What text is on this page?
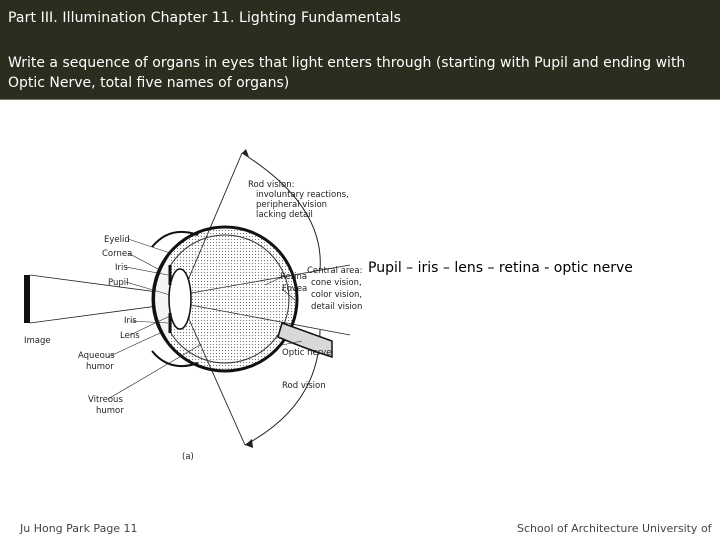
Part III. Illumination Chapter 11. Lighting Fundamentals
Write a sequence of organs in eyes that light enters through (starting with Pupil and ending with Optic Nerve, total five names of organs)
Rod vision:
involuntary reactions,
peripheral vision
lacking detail
Eyelid
Cornea
Iris
Pupil
Iris
Lens
Image
Aqueous
humor
Vitreous
humor
Retina
Fovea
Central area:
cone vision,
color vision,
detail vision
Optic nerve
Rod vision
(a)
Pupil – iris – lens – retina - optic nerve
Ju Hong Park Page 11	School of Architecture University of
